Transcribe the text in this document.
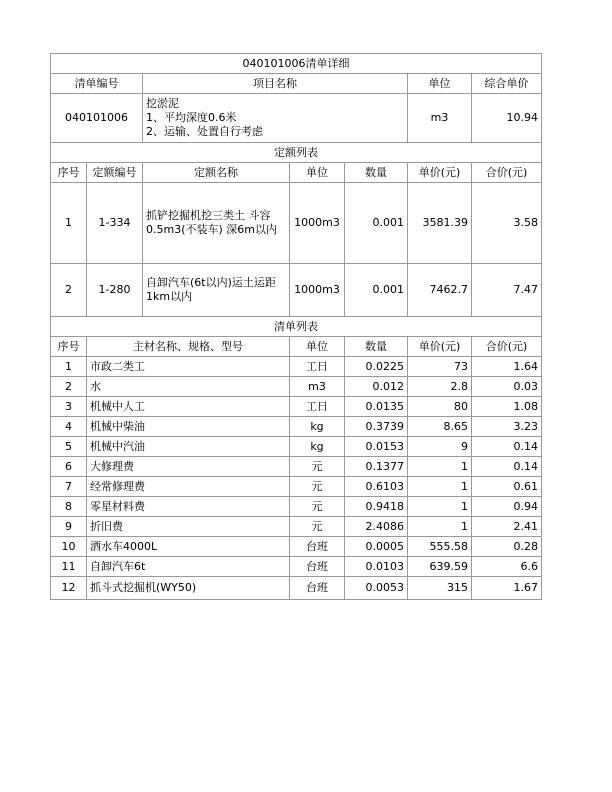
040101006清单详细						
清单编号		项目名称			单位	综合单价
040101006		挖淤泥
1、平均深度0.6米
2、运输、处置自行考虑			m3	10.94
定额列表						
序号	定额编号	定额名称	单位	数量	单价(元)	合价(元)
1	1-334	抓铲挖掘机挖三类土 斗容
0.5m3(不装车) 深6m以内	1000m3	0.001	3581.39	3.58
2	1-280	自卸汽车(6t以内)运土运距
1km以内	1000m3	0.001	7462.7	7.47
清单列表						
序号	主材名称、规格、型号		单位	数量	单价(元)	合价(元)
1	市政二类工		工日	0.0225	73	1.64
2	水		m3	0.012	2.8	0.03
3	机械中人工		工日	0.0135	80	1.08
4	机械中柴油		kg	0.3739	8.65	3.23
5	机械中汽油		kg	0.0153	9	0.14
6	大修理费		元	0.1377	1	0.14
7	经常修理费		元	0.6103	1	0.61
8	零星材料费		元	0.9418	1	0.94
9	折旧费		元	2.4086	1	2.41
10	洒水车4000L		台班	0.0005	555.58	0.28
11	自卸汽车6t		台班	0.0103	639.59	6.6
12	抓斗式挖掘机(WY50)		台班	0.0053	315	1.67
